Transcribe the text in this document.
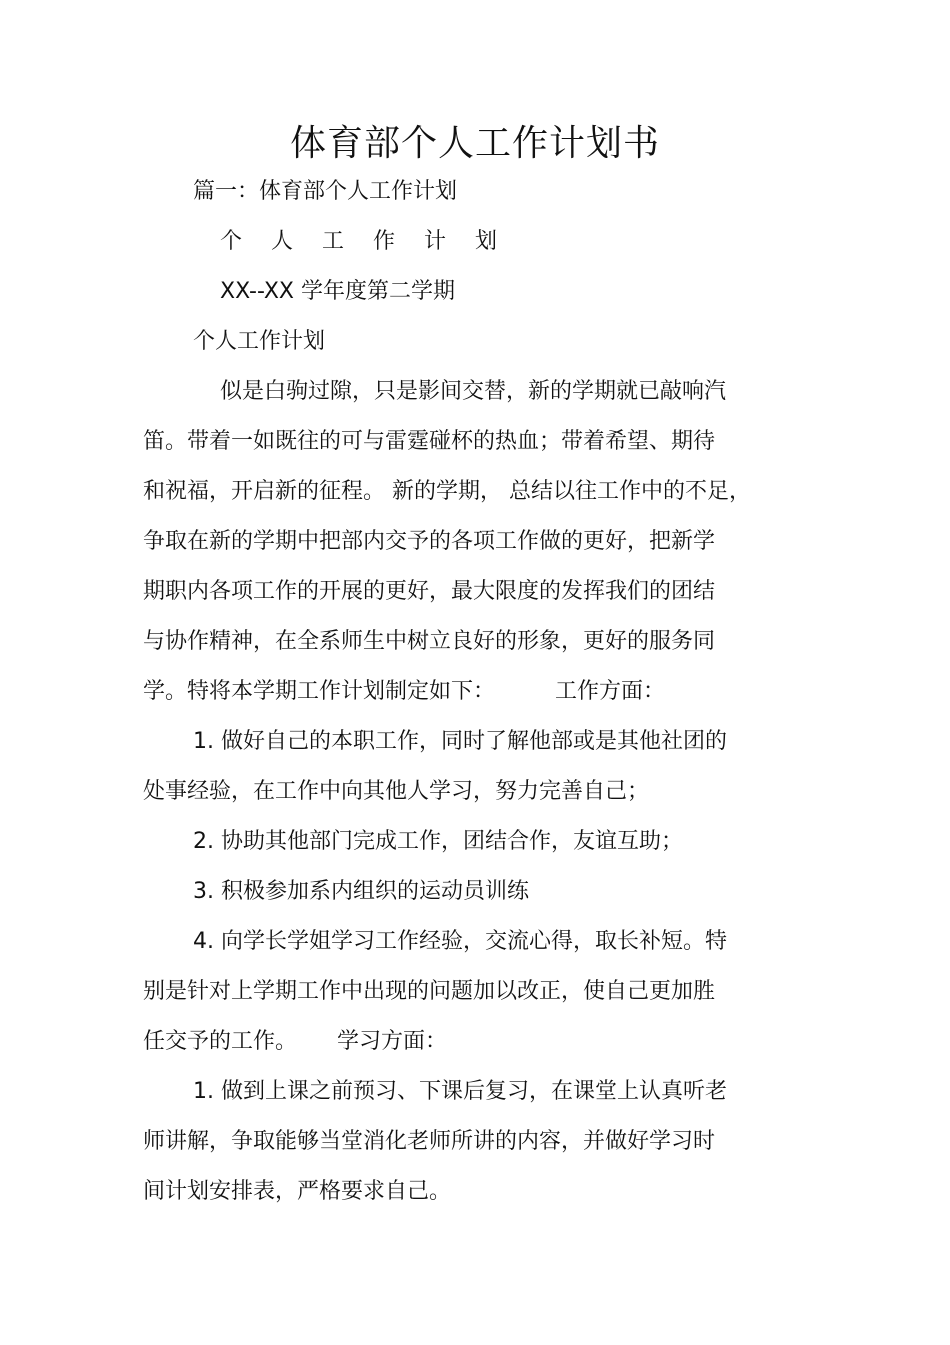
体育部个人工作计划书

篇一：体育部个人工作计划

个 人 工 作 计 划

XX--XX 学年度第二学期

个人工作计划

似是白驹过隙，只是影间交替，新的学期就已敲响汽

笛。带着一如既往的可与雷霆碰杯的热血；带着希望、期待

和祝福，开启新的征程。 新的学期， 总结以往工作中的不足，

争取在新的学期中把部内交予的各项工作做的更好，把新学

期职内各项工作的开展的更好，最大限度的发挥我们的团结

与协作精神，在全系师生中树立良好的形象，更好的服务同

学。特将本学期工作计划制定如下：	工作方面：

1. 做好自己的本职工作，同时了解他部或是其他社团的

处事经验，在工作中向其他人学习，努力完善自己；

2. 协助其他部门完成工作，团结合作，友谊互助；

3. 积极参加系内组织的运动员训练

4. 向学长学姐学习工作经验，交流心得，取长补短。特

别是针对上学期工作中出现的问题加以改正，使自己更加胜

任交予的工作。 学习方面：

1. 做到上课之前预习、下课后复习，在课堂上认真听老

师讲解，争取能够当堂消化老师所讲的内容，并做好学习时

间计划安排表，严格要求自己。
